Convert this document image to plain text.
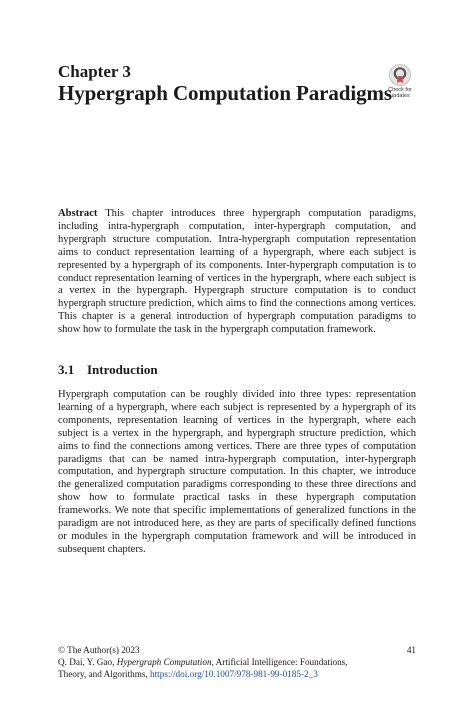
Chapter 3
Hypergraph Computation Paradigms
Check for
updates

Abstract This chapter introduces three hypergraph computation paradigms, including intra-hypergraph computation, inter-hypergraph computation, and hypergraph structure computation. Intra-hypergraph computation representation aims to conduct representation learning of a hypergraph, where each subject is represented by a hypergraph of its components. Inter-hypergraph computation is to conduct representation learning of vertices in the hypergraph, where each subject is a vertex in the hypergraph. Hypergraph structure computation is to conduct hypergraph structure prediction, which aims to find the connections among vertices. This chapter is a general introduction of hypergraph computation paradigms to show how to formulate the task in the hypergraph computation framework.

3.1 Introduction

Hypergraph computation can be roughly divided into three types: representation learning of a hypergraph, where each subject is represented by a hypergraph of its components, representation learning of vertices in the hypergraph, where each subject is a vertex in the hypergraph, and hypergraph structure prediction, which aims to find the connections among vertices. There are three types of computation paradigms that can be named intra-hypergraph computation, inter-hypergraph computation, and hypergraph structure computation. In this chapter, we introduce the generalized computation paradigms corresponding to these three directions and show how to formulate practical tasks in these hypergraph computation frameworks. We note that specific implementations of generalized functions in the paradigm are not introduced here, as they are parts of specifically defined functions or modules in the hypergraph computation framework and will be introduced in subsequent chapters.

© The Author(s) 2023	41
Q. Dai, Y. Gao, Hypergraph Computation, Artificial Intelligence: Foundations,
Theory, and Algorithms, https://doi.org/10.1007/978-981-99-0185-2_3
